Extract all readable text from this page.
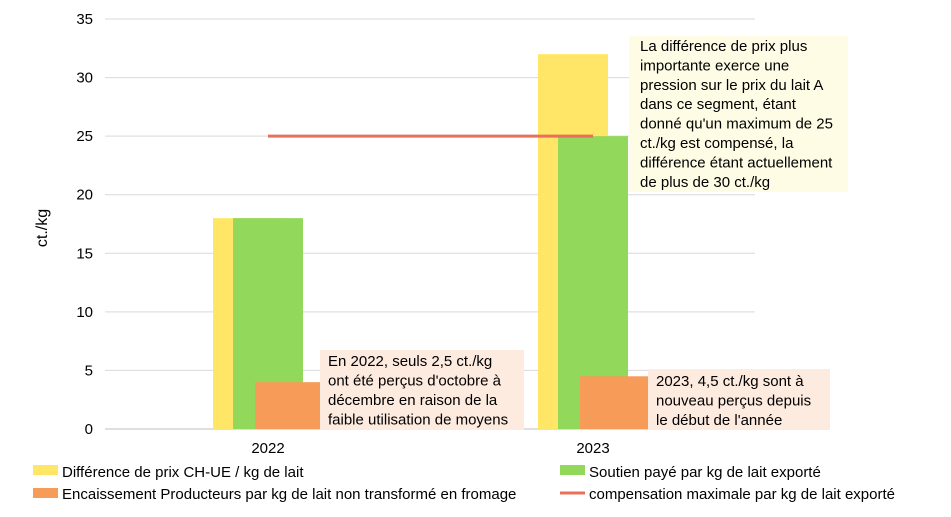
0
5
10
15
20
25
30
35
2022	2023
La différence de prix plus
importante exerce une
pression sur le prix du lait A
dans ce segment, étant
donné qu'un maximum de 25
ct./kg est compensé, la
différence étant actuellement
de plus de 30 ct./kg
En 2022, seuls 2,5 ct./kg
ont été perçus d'octobre à
décembre en raison de la
faible utilisation de moyens
2023, 4,5 ct./kg sont à
nouveau perçus depuis
le début de l'année
Différence de prix CH-UE / kg de lait	Soutien payé par kg de lait exporté
Encaissement Producteurs par kg de lait non transformé en fromage	compensation maximale par kg de lait exporté
ct./kg
